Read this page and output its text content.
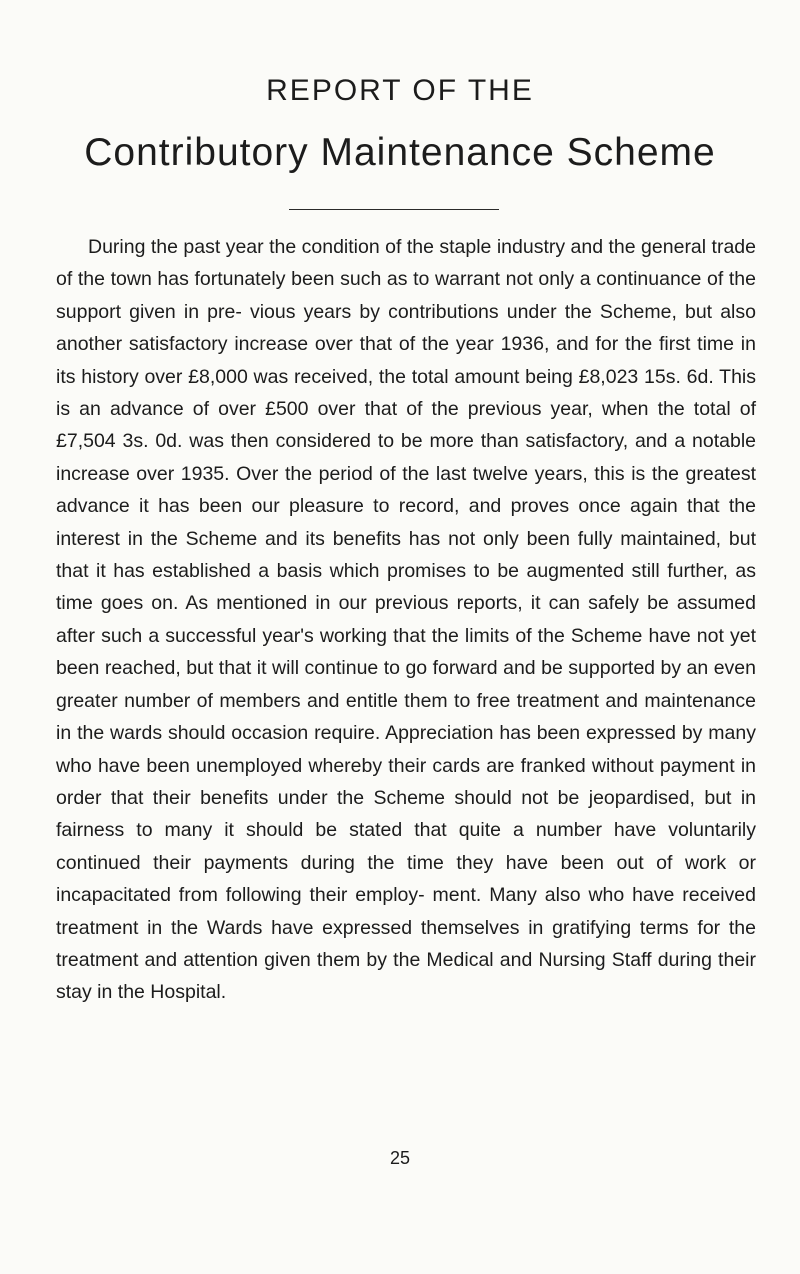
REPORT OF THE
Contributory Maintenance Scheme

During the past year the condition of the staple industry and the general trade of the town has fortunately been such as to warrant not only a continuance of the support given in pre- vious years by contributions under the Scheme, but also another satisfactory increase over that of the year 1936, and for the first time in its history over £8,000 was received, the total amount being £8,023 15s. 6d. This is an advance of over £500 over that of the previous year, when the total of £7,504 3s. 0d. was then considered to be more than satisfactory, and a notable increase over 1935. Over the period of the last twelve years, this is the greatest advance it has been our pleasure to record, and proves once again that the interest in the Scheme and its benefits has not only been fully maintained, but that it has established a basis which promises to be augmented still further, as time goes on. As mentioned in our previous reports, it can safely be assumed after such a successful year's working that the limits of the Scheme have not yet been reached, but that it will continue to go forward and be supported by an even greater number of members and entitle them to free treatment and maintenance in the wards should occasion require. Appreciation has been expressed by many who have been unemployed whereby their cards are franked without payment in order that their benefits under the Scheme should not be jeopardised, but in fairness to many it should be stated that quite a number have voluntarily continued their payments during the time they have been out of work or incapacitated from following their employ- ment. Many also who have received treatment in the Wards have expressed themselves in gratifying terms for the treatment and attention given them by the Medical and Nursing Staff during their stay in the Hospital.

25
